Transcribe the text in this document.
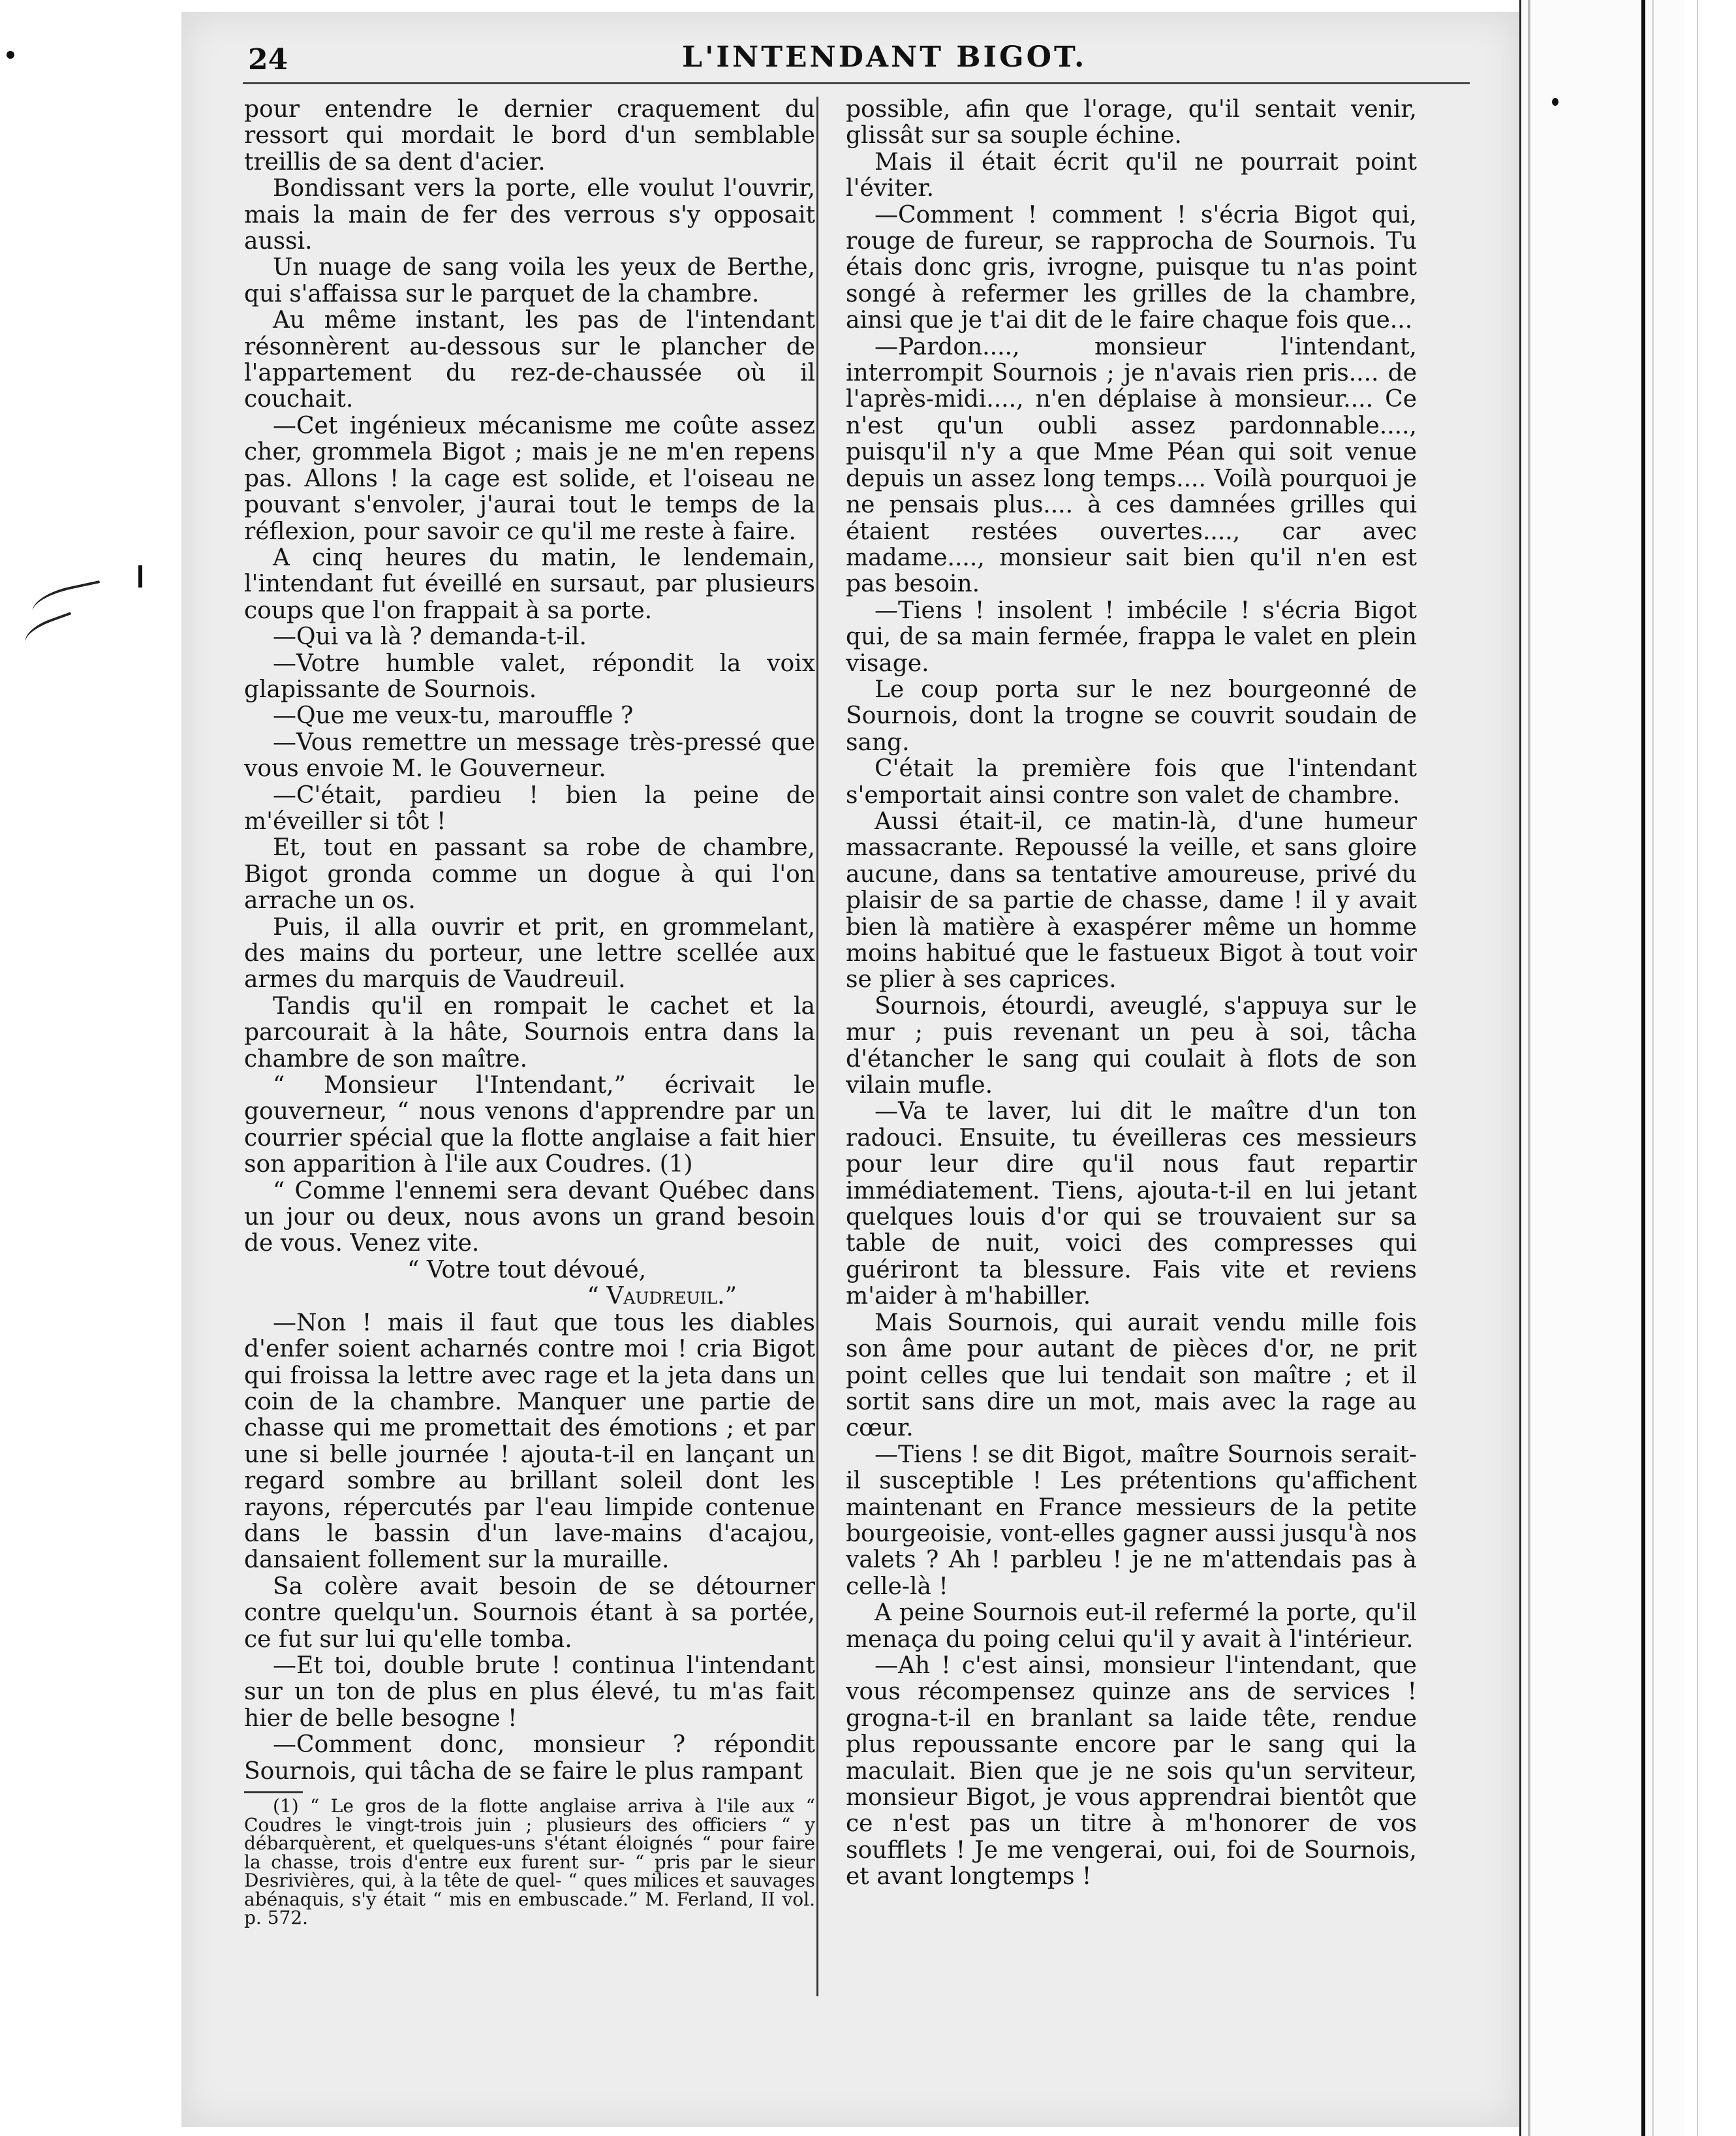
24	L'INTENDANT BIGOT.

pour entendre le dernier craquement du ressort qui mordait le bord d'un semblable treillis de sa dent d'acier.

Bondissant vers la porte, elle voulut l'ouvrir, mais la main de fer des verrous s'y opposait aussi.

Un nuage de sang voila les yeux de Berthe, qui s'affaissa sur le parquet de la chambre.

Au même instant, les pas de l'intendant résonnèrent au-dessous sur le plancher de l'appartement du rez-de-chaussée où il couchait.

—Cet ingénieux mécanisme me coûte assez cher, grommela Bigot ; mais je ne m'en repens pas. Allons ! la cage est solide, et l'oiseau ne pouvant s'envoler, j'aurai tout le temps de la réflexion, pour savoir ce qu'il me reste à faire.

A cinq heures du matin, le lendemain, l'intendant fut éveillé en sursaut, par plusieurs coups que l'on frappait à sa porte.

—Qui va là ? demanda-t-il.

—Votre humble valet, répondit la voix glapissante de Sournois.

—Que me veux-tu, marouffle ?

—Vous remettre un message très-pressé que vous envoie M. le Gouverneur.

—C'était, pardieu ! bien la peine de m'éveiller si tôt !

Et, tout en passant sa robe de chambre, Bigot gronda comme un dogue à qui l'on arrache un os.

Puis, il alla ouvrir et prit, en grommelant, des mains du porteur, une lettre scellée aux armes du marquis de Vaudreuil.

Tandis qu'il en rompait le cachet et la parcourait à la hâte, Sournois entra dans la chambre de son maître.

“ Monsieur l'Intendant,” écrivait le gouverneur, “ nous venons d'apprendre par un courrier spécial que la flotte anglaise a fait hier son apparition à l'ile aux Coudres. (1)

“ Comme l'ennemi sera devant Québec dans un jour ou deux, nous avons un grand besoin de vous. Venez vite.

“ Votre tout dévoué,

“ Vaudreuil.”

—Non ! mais il faut que tous les diables d'enfer soient acharnés contre moi ! cria Bigot qui froissa la lettre avec rage et la jeta dans un coin de la chambre. Manquer une partie de chasse qui me promettait des émotions ; et par une si belle journée ! ajouta-t-il en lançant un regard sombre au brillant soleil dont les rayons, répercutés par l'eau limpide contenue dans le bassin d'un lave-mains d'acajou, dansaient follement sur la muraille.

Sa colère avait besoin de se détourner contre quelqu'un. Sournois étant à sa portée, ce fut sur lui qu'elle tomba.

—Et toi, double brute ! continua l'intendant sur un ton de plus en plus élevé, tu m'as fait hier de belle besogne !

—Comment donc, monsieur ? répondit Sournois, qui tâcha de se faire le plus rampant

(1) “ Le gros de la flotte anglaise arriva à l'ile aux “ Coudres le vingt-trois juin ; plusieurs des officiers “ y débarquèrent, et quelques-uns s'étant éloignés “ pour faire la chasse, trois d'entre eux furent sur- “ pris par le sieur Desrivières, qui, à la tête de quel- “ ques milices et sauvages abénaquis, s'y était “ mis en embuscade.” M. Ferland, II vol. p. 572.

possible, afin que l'orage, qu'il sentait venir, glissât sur sa souple échine.

Mais il était écrit qu'il ne pourrait point l'éviter.

—Comment ! comment ! s'écria Bigot qui, rouge de fureur, se rapprocha de Sournois. Tu étais donc gris, ivrogne, puisque tu n'as point songé à refermer les grilles de la chambre, ainsi que je t'ai dit de le faire chaque fois que...

—Pardon...., monsieur l'intendant, interrompit Sournois ; je n'avais rien pris.... de l'après-midi...., n'en déplaise à monsieur.... Ce n'est qu'un oubli assez pardonnable...., puisqu'il n'y a que Mme Péan qui soit venue depuis un assez long temps.... Voilà pourquoi je ne pensais plus.... à ces damnées grilles qui étaient restées ouvertes...., car avec madame...., monsieur sait bien qu'il n'en est pas besoin.

—Tiens ! insolent ! imbécile ! s'écria Bigot qui, de sa main fermée, frappa le valet en plein visage.

Le coup porta sur le nez bourgeonné de Sournois, dont la trogne se couvrit soudain de sang.

C'était la première fois que l'intendant s'emportait ainsi contre son valet de chambre.

Aussi était-il, ce matin-là, d'une humeur massacrante. Repoussé la veille, et sans gloire aucune, dans sa tentative amoureuse, privé du plaisir de sa partie de chasse, dame ! il y avait bien là matière à exaspérer même un homme moins habitué que le fastueux Bigot à tout voir se plier à ses caprices.

Sournois, étourdi, aveuglé, s'appuya sur le mur ; puis revenant un peu à soi, tâcha d'étancher le sang qui coulait à flots de son vilain mufle.

—Va te laver, lui dit le maître d'un ton radouci. Ensuite, tu éveilleras ces messieurs pour leur dire qu'il nous faut repartir immédiatement. Tiens, ajouta-t-il en lui jetant quelques louis d'or qui se trouvaient sur sa table de nuit, voici des compresses qui guériront ta blessure. Fais vite et reviens m'aider à m'habiller.

Mais Sournois, qui aurait vendu mille fois son âme pour autant de pièces d'or, ne prit point celles que lui tendait son maître ; et il sortit sans dire un mot, mais avec la rage au cœur.

—Tiens ! se dit Bigot, maître Sournois serait-il susceptible ! Les prétentions qu'affichent maintenant en France messieurs de la petite bourgeoisie, vont-elles gagner aussi jusqu'à nos valets ? Ah ! parbleu ! je ne m'attendais pas à celle-là !

A peine Sournois eut-il refermé la porte, qu'il menaça du poing celui qu'il y avait à l'intérieur.

—Ah ! c'est ainsi, monsieur l'intendant, que vous récompensez quinze ans de services ! grogna-t-il en branlant sa laide tête, rendue plus repoussante encore par le sang qui la maculait. Bien que je ne sois qu'un serviteur, monsieur Bigot, je vous apprendrai bientôt que ce n'est pas un titre à m'honorer de vos soufflets ! Je me vengerai, oui, foi de Sournois, et avant longtemps !
